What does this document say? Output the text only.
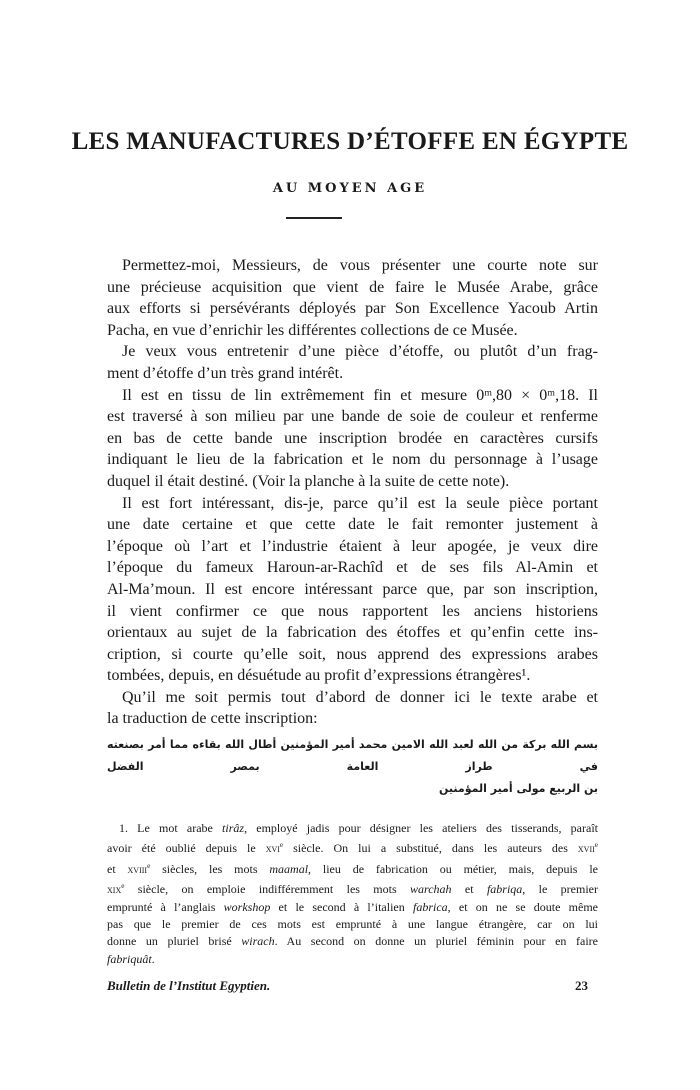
LES MANUFACTURES D’ÉTOFFE EN ÉGYPTE
AU MOYEN AGE
Permettez-moi, Messieurs, de vous présenter une courte note sur
une précieuse acquisition que vient de faire le Musée Arabe, grâce
aux efforts si persévérants déployés par Son Excellence Yacoub Artin
Pacha, en vue d’enrichir les différentes collections de ce Musée.
Je veux vous entretenir d’une pièce d’étoffe, ou plutôt d’un frag-
ment d’étoffe d’un très grand intérêt.
Il est en tissu de lin extrêmement fin et mesure 0ᵐ,80 × 0ᵐ,18. Il
est traversé à son milieu par une bande de soie de couleur et renferme
en bas de cette bande une inscription brodée en caractères cursifs
indiquant le lieu de la fabrication et le nom du personnage à l’usage
duquel il était destiné. (Voir la planche à la suite de cette note).
Il est fort intéressant, dis-je, parce qu’il est la seule pièce portant
une date certaine et que cette date le fait remonter justement à
l’époque où l’art et l’industrie étaient à leur apogée, je veux dire
l’époque du fameux Haroun-ar-Rachîd et de ses fils Al-Amin et
Al-Ma’moun. Il est encore intéressant parce que, par son inscription,
il vient confirmer ce que nous rapportent les anciens historiens
orientaux au sujet de la fabrication des étoffes et qu’enfin cette ins-
cription, si courte qu’elle soit, nous apprend des expressions arabes
tombées, depuis, en désuétude au profit d’expressions étrangères¹.
Qu’il me soit permis tout d’abord de donner ici le texte arabe et
la traduction de cette inscription:
بسم الله بركة من الله لعبد الله الامين محمد أمير المؤمنين أطال الله بقاءه مما أمر بصنعته في طراز العامة بمصر الفضل
بن الربيع مولى أمير المؤمنين
1. Le mot arabe tirâz, employé jadis pour désigner les ateliers des tisserands, paraît
avoir été oublié depuis le xvi$^e$ siècle. On lui a substitué, dans les auteurs des xvii$^e$
et xviii$^e$ siècles, les mots maamal, lieu de fabrication ou métier, mais, depuis le
xix$^e$ siècle, on emploie indifféremment les mots warchah et fabriqa, le premier
emprunté à l’anglais workshop et le second à l’italien fabrica, et on ne se doute même
pas que le premier de ces mots est emprunté à une langue étrangère, car on lui
donne un pluriel brisé wirach. Au second on donne un pluriel féminin pour en faire
fabriquât.
Bulletin de l’Institut Egyptien.	23
